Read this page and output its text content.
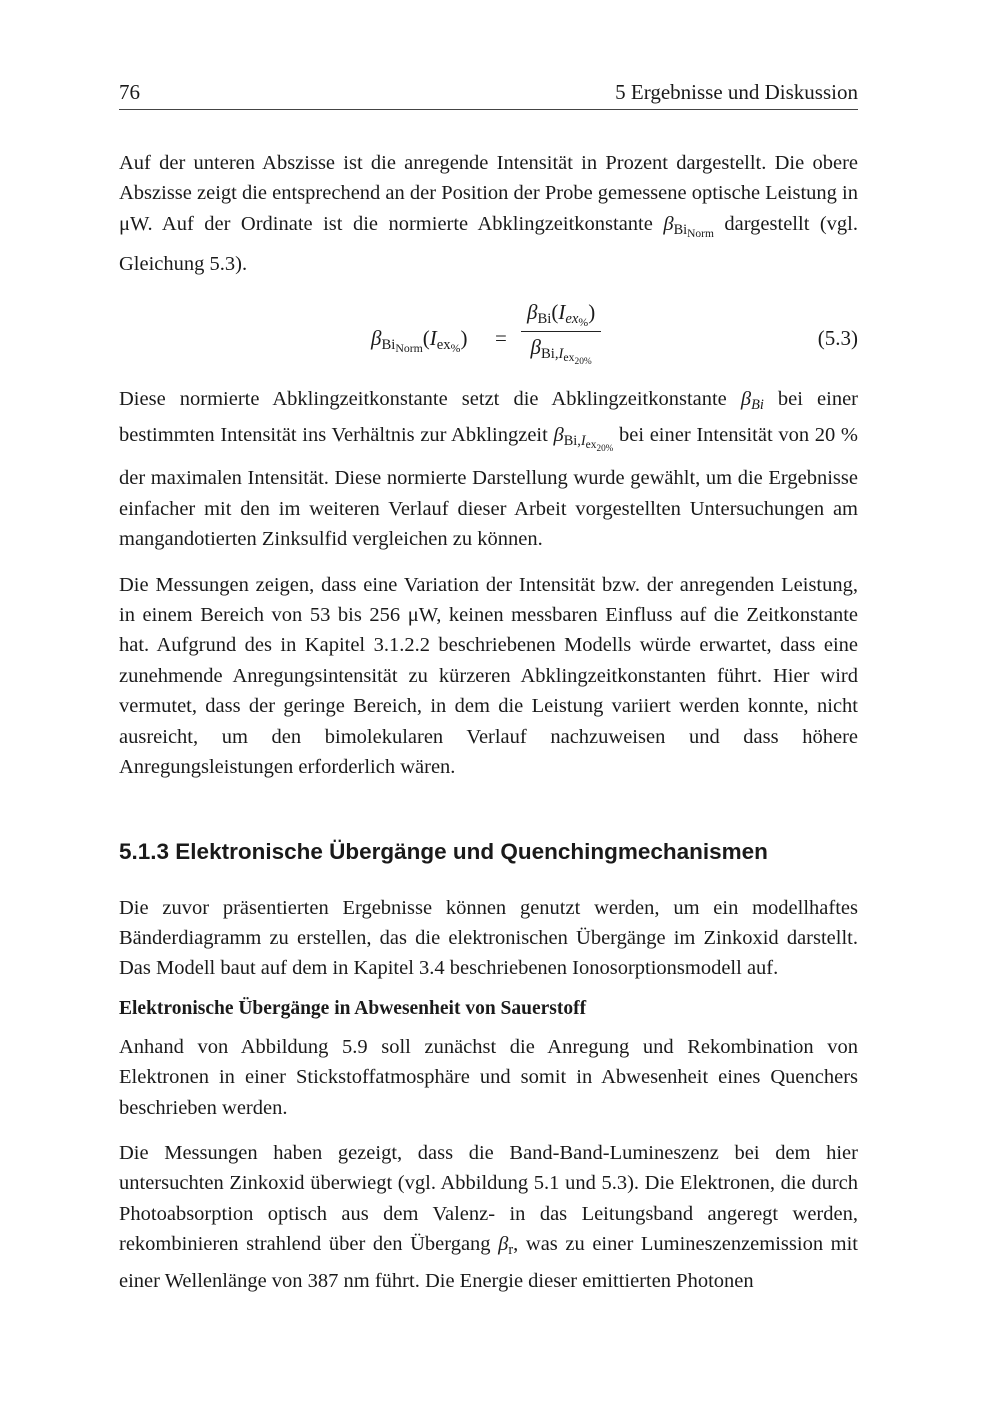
76	5 Ergebnisse und Diskussion

Auf der unteren Abszisse ist die anregende Intensität in Prozent dargestellt. Die obere Abszisse zeigt die entsprechend an der Position der Probe gemessene optische Leistung in μW. Auf der Ordinate ist die normierte Abklingzeitkonstante $\beta_{Bi_{Norm}}$ dargestellt (vgl. Gleichung 5.3).

$\beta_{Bi_{Norm}}(I_{ex_{\%}})$ =
$\beta_{Bi}(I_{ex_{\%}})$
$\beta_{Bi,I_{ex_{20\%}}}$
(5.3)

Diese normierte Abklingzeitkonstante setzt die Abklingzeitkonstante $\beta_{Bi}$ bei einer bestimmten Intensität ins Verhältnis zur Abklingzeit $\beta_{Bi,I_{ex_{20\%}}}$ bei einer Intensität von 20 % der maximalen Intensität. Diese normierte Darstellung wurde gewählt, um die Ergebnisse einfacher mit den im weiteren Verlauf dieser Arbeit vorgestellten Untersuchungen am mangandotierten Zinksulfid vergleichen zu können.

Die Messungen zeigen, dass eine Variation der Intensität bzw. der anregenden Leistung, in einem Bereich von 53 bis 256 μW, keinen messbaren Einfluss auf die Zeitkonstante hat. Aufgrund des in Kapitel 3.1.2.2 beschriebenen Modells würde erwartet, dass eine zunehmende Anregungsintensität zu kürzeren Abklingzeitkonstanten führt. Hier wird vermutet, dass der geringe Bereich, in dem die Leistung variiert werden konnte, nicht ausreicht, um den bimolekularen Verlauf nachzuweisen und dass höhere Anregungsleistungen erforderlich wären.

5.1.3 Elektronische Übergänge und Quenchingmechanismen

Die zuvor präsentierten Ergebnisse können genutzt werden, um ein modellhaftes Bänderdiagramm zu erstellen, das die elektronischen Übergänge im Zinkoxid darstellt. Das Modell baut auf dem in Kapitel 3.4 beschriebenen Ionosorptionsmodell auf.

Elektronische Übergänge in Abwesenheit von Sauerstoff

Anhand von Abbildung 5.9 soll zunächst die Anregung und Rekombination von Elektronen in einer Stickstoffatmosphäre und somit in Abwesenheit eines Quenchers beschrieben werden.

Die Messungen haben gezeigt, dass die Band-Band-Lumineszenz bei dem hier untersuchten Zinkoxid überwiegt (vgl. Abbildung 5.1 und 5.3). Die Elektronen, die durch Photoabsorption optisch aus dem Valenz- in das Leitungsband angeregt werden, rekombinieren strahlend über den Übergang $\beta_r$, was zu einer Lumineszenzemission mit einer Wellenlänge von 387 nm führt. Die Energie dieser emittierten Photonen
